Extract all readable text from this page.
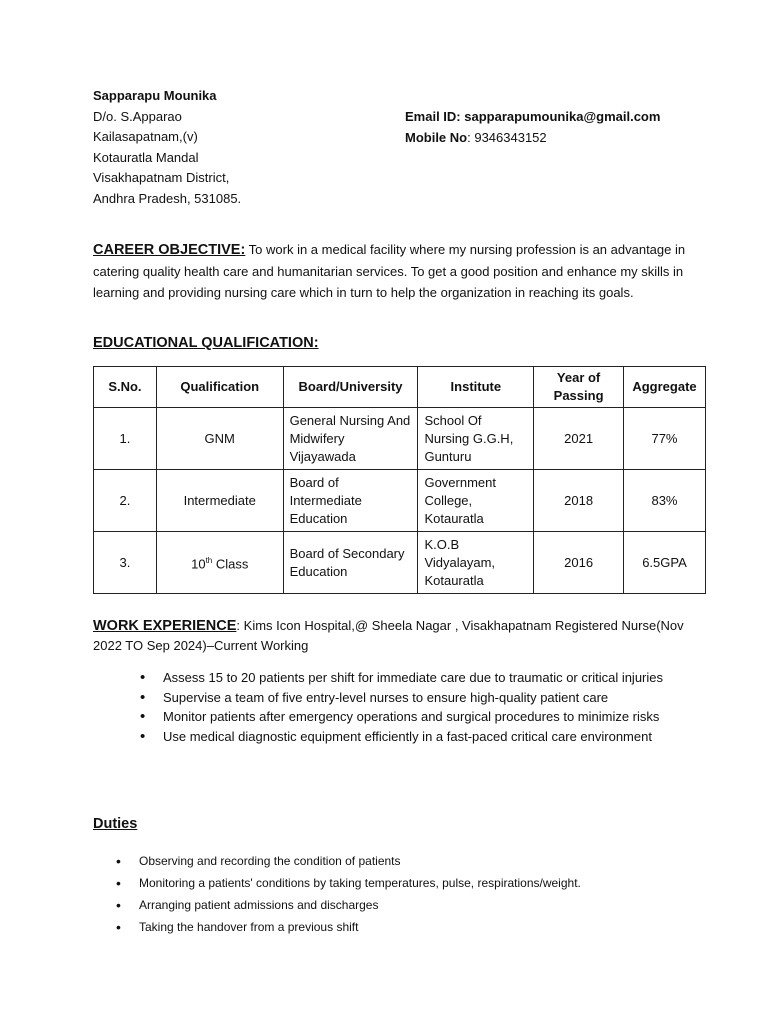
Sapparapu Mounika
D/o. S.Apparao
Kailasapatnam,(v)
Kotauratla Mandal
Visakhapatnam District,
Andhra Pradesh, 531085.
Email ID: sapparapumounika@gmail.com
Mobile No: 9346343152
CAREER OBJECTIVE: To work in a medical facility where my nursing profession is an advantage in catering quality health care and humanitarian services. To get a good position and enhance my skills in learning and providing nursing care which in turn to help the organization in reaching its goals.
EDUCATIONAL QUALIFICATION:
S.No.	Qualification	Board/University	Institute	Year of Passing	Aggregate
1.	GNM	General Nursing And Midwifery Vijayawada	School Of Nursing G.G.H, Gunturu	2021	77%
2.	Intermediate	Board of Intermediate Education	Government College, Kotauratla	2018	83%
3.	10th Class	Board of Secondary Education	K.O.B Vidyalayam, Kotauratla	2016	6.5GPA
WORK EXPERIENCE: Kims Icon Hospital,@ Sheela Nagar , Visakhapatnam Registered Nurse(Nov 2022 TO Sep 2024)–Current Working
• Assess 15 to 20 patients per shift for immediate care due to traumatic or critical injuries
• Supervise a team of five entry-level nurses to ensure high-quality patient care
• Monitor patients after emergency operations and surgical procedures to minimize risks
• Use medical diagnostic equipment efficiently in a fast-paced critical care environment
Duties
• Observing and recording the condition of patients
• Monitoring a patients' conditions by taking temperatures, pulse, respirations/weight.
• Arranging patient admissions and discharges
• Taking the handover from a previous shift
